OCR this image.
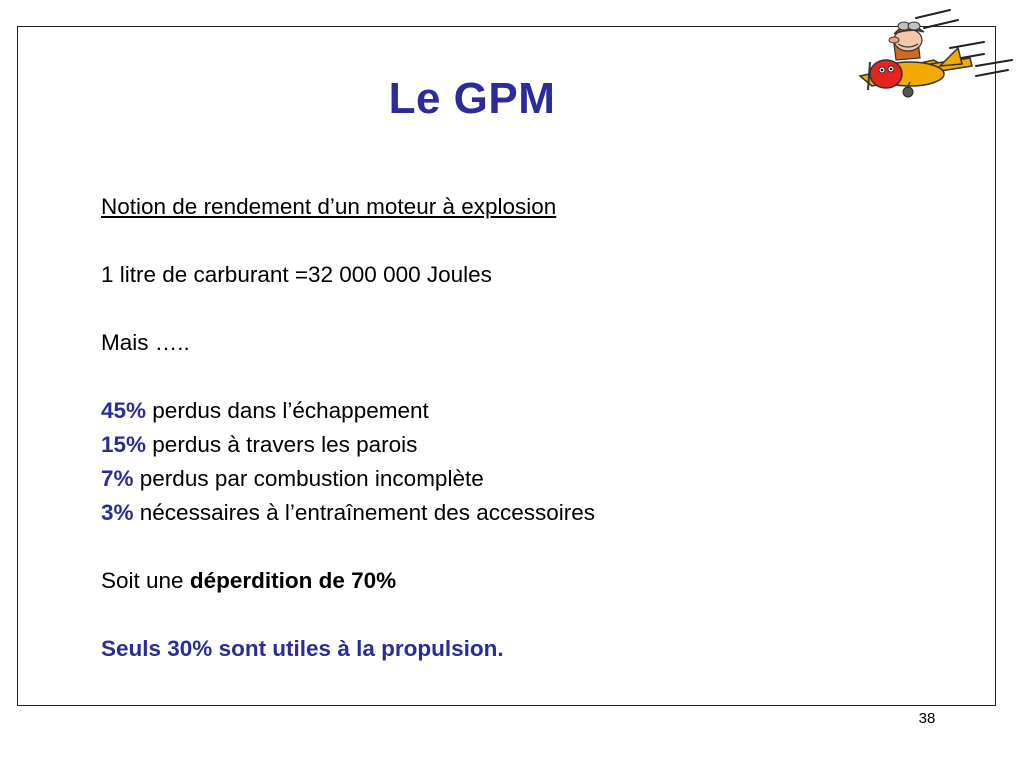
Le GPM
Notion de rendement d’un moteur à explosion
1 litre de carburant =32 000 000 Joules
Mais …..
45% perdus dans l’échappement
15% perdus à travers les parois
7% perdus par combustion incomplète
3% nécessaires à l’entraînement des accessoires
Soit une déperdition de 70%
Seuls 30% sont utiles à la propulsion.
38
